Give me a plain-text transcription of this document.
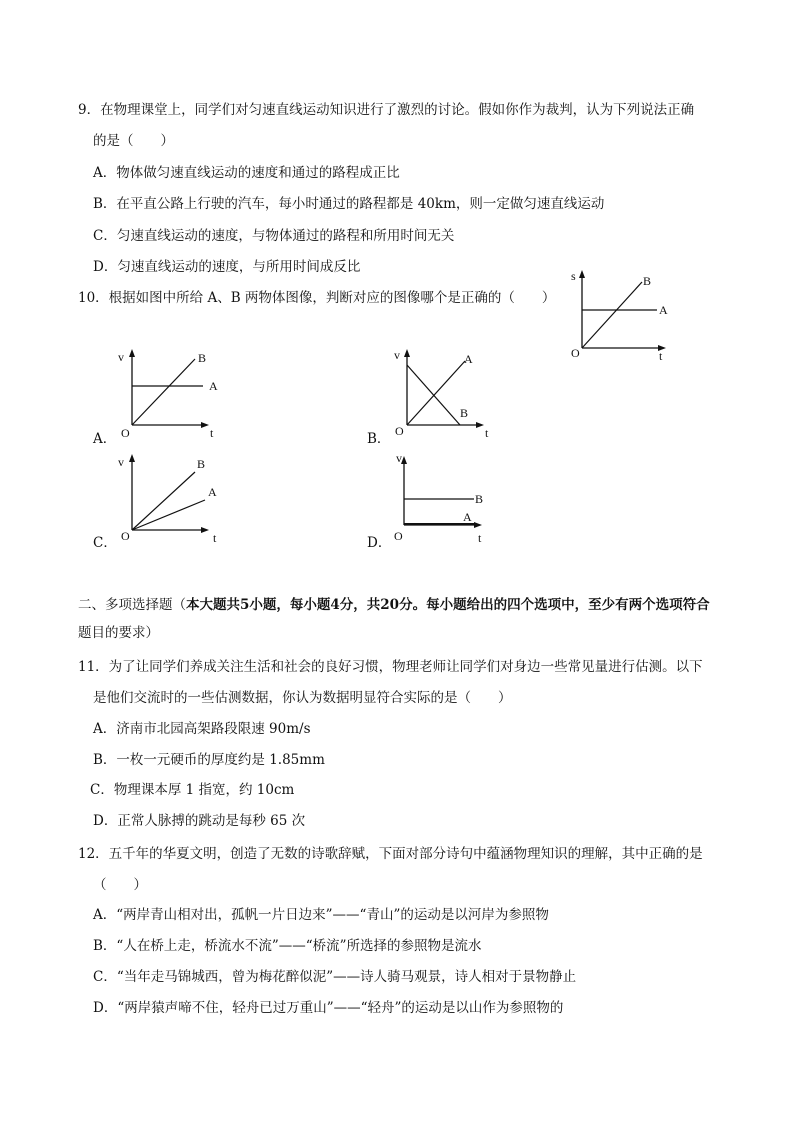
9．在物理课堂上，同学们对匀速直线运动知识进行了激烈的讨论。假如你作为裁判，认为下列说法正确
的是（　　）
A．物体做匀速直线运动的速度和通过的路程成正比
B．在平直公路上行驶的汽车，每小时通过的路程都是 40km，则一定做匀速直线运动
C．匀速直线运动的速度，与物体通过的路程和所用时间无关
D．匀速直线运动的速度，与所用时间成反比
10．根据如图中所给 A、B 两物体图像，判断对应的图像哪个是正确的（　　）
s
t
O
B
A
A．
v
t
O
B
A
B．
v
t
O
A
B
C．
v
t
O
B
A
D．
v
t
O
B
A
二、多项选择题（本大题共5小题，每小题4分，共20分。每小题给出的四个选项中，至少有两个选项符合
题目的要求）
11．为了让同学们养成关注生活和社会的良好习惯，物理老师让同学们对身边一些常见量进行估测。以下
是他们交流时的一些估测数据，你认为数据明显符合实际的是（　　）
A．济南市北园高架路段限速 90m/s
B．一枚一元硬币的厚度约是 1.85mm
C．物理课本厚 1 指宽，约 10cm
D．正常人脉搏的跳动是每秒 65 次
12．五千年的华夏文明，创造了无数的诗歌辞赋，下面对部分诗句中蕴涵物理知识的理解，其中正确的是
（　　）
A．“两岸青山相对出，孤帆一片日边来”——“青山”的运动是以河岸为参照物
B．“人在桥上走，桥流水不流”——“桥流”所选择的参照物是流水
C．“当年走马锦城西，曾为梅花醉似泥”——诗人骑马观景，诗人相对于景物静止
D．“两岸猿声啼不住，轻舟已过万重山”——“轻舟”的运动是以山作为参照物的
